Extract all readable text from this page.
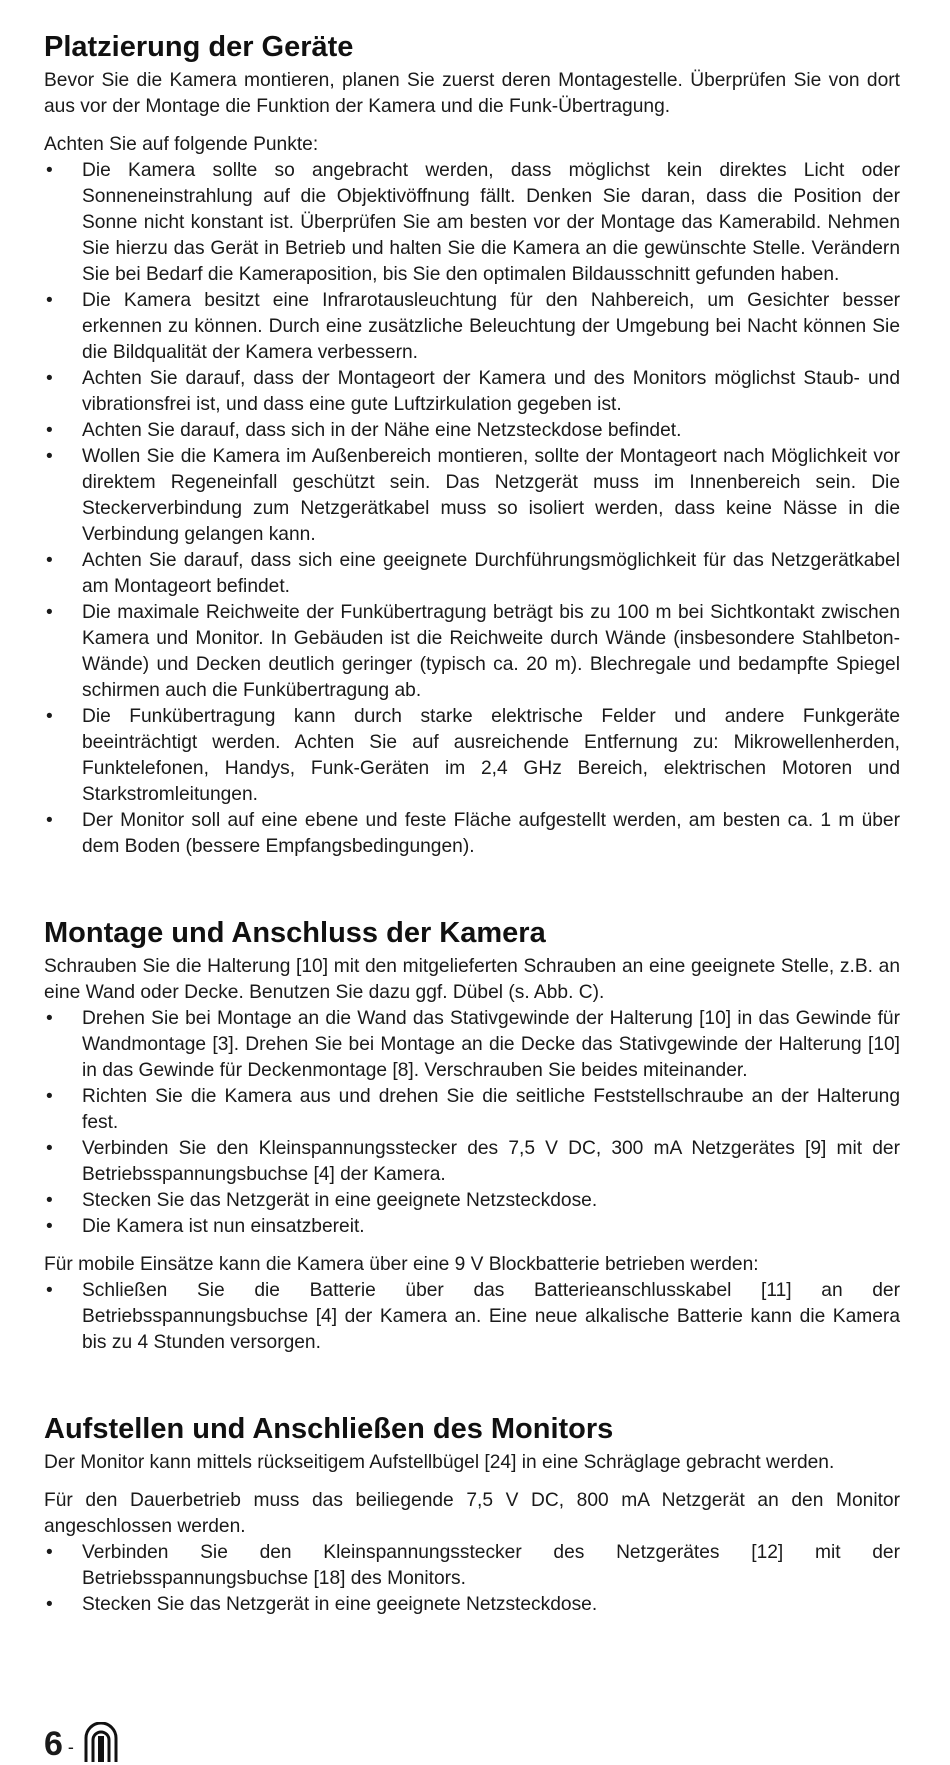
Platzierung der Geräte

Bevor Sie die Kamera montieren, planen Sie zuerst deren Montagestelle. Überprüfen Sie von dort aus vor der Montage die Funktion der Kamera und die Funk-Übertragung.

Achten Sie auf folgende Punkte:

• Die Kamera sollte so angebracht werden, dass möglichst kein direktes Licht oder Sonneneinstrahlung auf die Objektivöffnung fällt. Denken Sie daran, dass die Position der Sonne nicht konstant ist. Überprüfen Sie am besten vor der Montage das Kamerabild. Nehmen Sie hierzu das Gerät in Betrieb und halten Sie die Kamera an die gewünschte Stelle. Verändern Sie bei Bedarf die Kameraposition, bis Sie den optimalen Bildausschnitt gefunden haben.
• Die Kamera besitzt eine Infrarotausleuchtung für den Nahbereich, um Gesichter besser erkennen zu können. Durch eine zusätzliche Beleuchtung der Umgebung bei Nacht können Sie die Bildqualität der Kamera verbessern.
• Achten Sie darauf, dass der Montageort der Kamera und des Monitors möglichst Staub- und vibrationsfrei ist, und dass eine gute Luftzirkulation gegeben ist.
• Achten Sie darauf, dass sich in der Nähe eine Netzsteckdose befindet.
• Wollen Sie die Kamera im Außenbereich montieren, sollte der Montageort nach Möglichkeit vor direktem Regeneinfall geschützt sein. Das Netzgerät muss im Innenbereich sein. Die Steckerverbindung zum Netzgerätkabel muss so isoliert werden, dass keine Nässe in die Verbindung gelangen kann.
• Achten Sie darauf, dass sich eine geeignete Durchführungsmöglichkeit für das Netzgerätkabel am Montageort befindet.
• Die maximale Reichweite der Funkübertragung beträgt bis zu 100 m bei Sichtkontakt zwischen Kamera und Monitor. In Gebäuden ist die Reichweite durch Wände (insbesondere Stahlbeton-Wände) und Decken deutlich geringer (typisch ca. 20 m). Blechregale und bedampfte Spiegel schirmen auch die Funkübertragung ab.
• Die Funkübertragung kann durch starke elektrische Felder und andere Funkgeräte beeinträchtigt werden. Achten Sie auf ausreichende Entfernung zu: Mikrowellenherden, Funktelefonen, Handys, Funk-Geräten im 2,4 GHz Bereich, elektrischen Motoren und Starkstromleitungen.
• Der Monitor soll auf eine ebene und feste Fläche aufgestellt werden, am besten ca. 1 m über dem Boden (bessere Empfangsbedingungen).
Montage und Anschluss der Kamera

Schrauben Sie die Halterung [10] mit den mitgelieferten Schrauben an eine geeignete Stelle, z.B. an eine Wand oder Decke. Benutzen Sie dazu ggf. Dübel (s. Abb. C).

• Drehen Sie bei Montage an die Wand das Stativgewinde der Halterung [10] in das Gewinde für Wandmontage [3]. Drehen Sie bei Montage an die Decke das Stativgewinde der Halterung [10] in das Gewinde für Deckenmontage [8]. Verschrauben Sie beides miteinander.
• Richten Sie die Kamera aus und drehen Sie die seitliche Feststellschraube an der Halterung fest.
• Verbinden Sie den Kleinspannungsstecker des 7,5 V DC, 300 mA Netzgerätes [9] mit der Betriebsspannungsbuchse [4] der Kamera.
• Stecken Sie das Netzgerät in eine geeignete Netzsteckdose.
• Die Kamera ist nun einsatzbereit.

Für mobile Einsätze kann die Kamera über eine 9 V Blockbatterie betrieben werden:

• Schließen Sie die Batterie über das Batterieanschlusskabel [11] an der Betriebsspannungsbuchse [4] der Kamera an. Eine neue alkalische Batterie kann die Kamera bis zu 4 Stunden versorgen.
Aufstellen und Anschließen des Monitors

Der Monitor kann mittels rückseitigem Aufstellbügel [24] in eine Schräglage gebracht werden.

Für den Dauerbetrieb muss das beiliegende 7,5 V DC, 800 mA Netzgerät an den Monitor angeschlossen werden.

• Verbinden Sie den Kleinspannungsstecker des Netzgerätes [12] mit der Betriebsspannungsbuchse [18] des Monitors.
• Stecken Sie das Netzgerät in eine geeignete Netzsteckdose.
6 -
